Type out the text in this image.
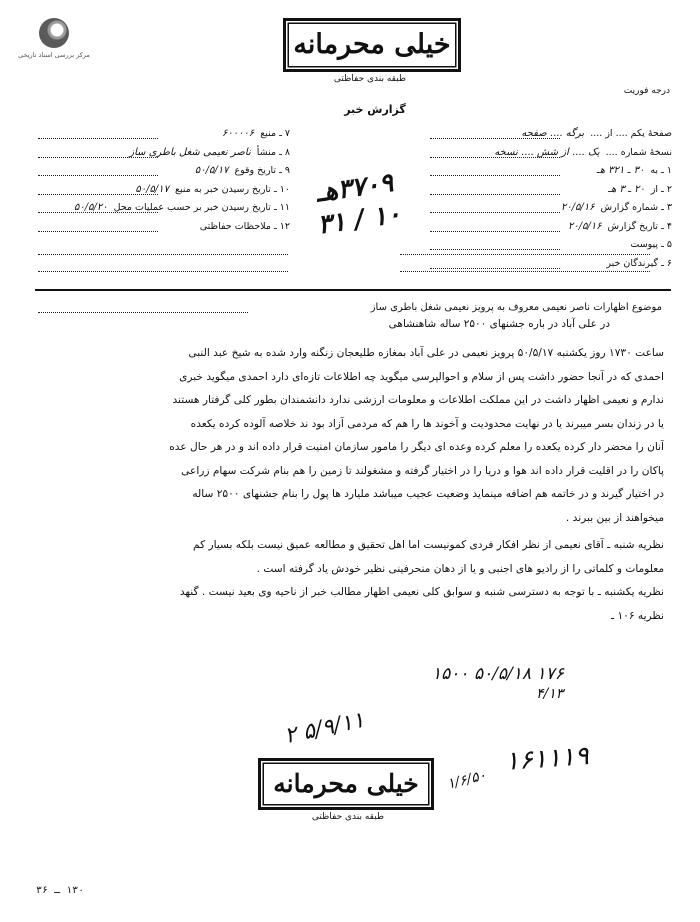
مرکز بررسی اسناد تاریخی	خیلی محرمانه
طبقه بندی حفاظتی
درجه فوریت
گزارش خبر
صفحهٔ یکم .... از ....برگه .... صفحه
نسخهٔ شماره ....یک .... از شش .... نسخه
۱ ـ به۳۰ ـ ۳۲۱ هـ
۲ ـ از۲۰ ـ ۳ هـ
۳ ـ شماره گزارش۲۰/۵/۱۶
۴ ـ تاریخ گزارش۲۰/۵/۱۶
۵ ـ پیوست
۶ ـ گیرندگان خبر
۷ ـ منبع۶۰۰۰۰۶
۸ ـ منشأناصر نعیمی شغل باطری ساز
۹ ـ تاریخ وقوع۵۰/۵/۱۷
۱۰ ـ تاریخ رسیدن خبر به منبع۵۰/۵/۱۷
۱۱ ـ تاریخ رسیدن خبر بر حسب عملیات محل۵۰/۵/۲۰
۱۲ ـ ملاحظات حفاظتی
۳۷۰۹هـ
۱۰ / ۳۱
موضوع اظهارات ناصر نعیمی معروف به پرویز نعیمی شغل باطری ساز
در علی آباد در باره جشنهای ۲۵۰۰ ساله شاهنشاهی
ساعت ۱۷۳۰ روز یکشنبه ۵۰/۵/۱۷ پرویز نعیمی در علی آباد بمغازه طلیعجان زنگنه وارد شده به شیخ عبد النبی
احمدی که در آنجا حضور داشت پس از سلام و احوالپرسی میگوید چه اطلاعات تازه‌ای دارد احمدی میگوید خبری
ندارم و نعیمی اظهار داشت در این مملکت اطلاعات و معلومات ارزشی ندارد دانشمندان بطور کلی گرفتار هستند
یا در زندان بسر میبرند یا در نهایت محدودیت و آخوند ها را هم که مردمی آزاد بود ند خلاصه آلوده کرده یکعده
آنان را محضر دار کرده یکعده را معلم کرده وعده ای دیگر را مامور سازمان امنیت قرار داده اند و در هر حال عده
پاکان را در اقلیت قرار داده اند هوا و دریا را در اختیار گرفته و مشغولند تا زمین را هم بنام شرکت سهام زراعی
در اختیار گیرند و در خاتمه هم اضافه مینماید وضعیت عجیب میباشد ملیارد ها پول را بنام جشنهای ۲۵۰۰ ساله
میخواهند از بین ببرند .
نظریه شنبه ـ آقای نعیمی از نظر افکار فردی کمونیست اما اهل تحقیق و مطالعه عمیق نیست بلکه بسیار کم
معلومات و کلماتی را از رادیو های اجنبی و یا از دهان منحرفینی نظیر خودش یاد گرفته است .
نظریه یکشنبه ـ با توجه به دسترسی شنبه و سوابق کلی نعیمی اظهار مطالب خبر از ناحیه وی بعید نیست . گنهد
نظریه ۱۰۶ ـ
۱۷۶ ۵۰/۵/۱۸ ۱۵۰۰
۴/۱۳
۵/۹/۱۱ ۲
۱۶۱۱۱۹
۱/۶/۵۰
خیلی محرمانه
طبقه بندی حفاظتی
۱۳۰ ـ ۳۶
